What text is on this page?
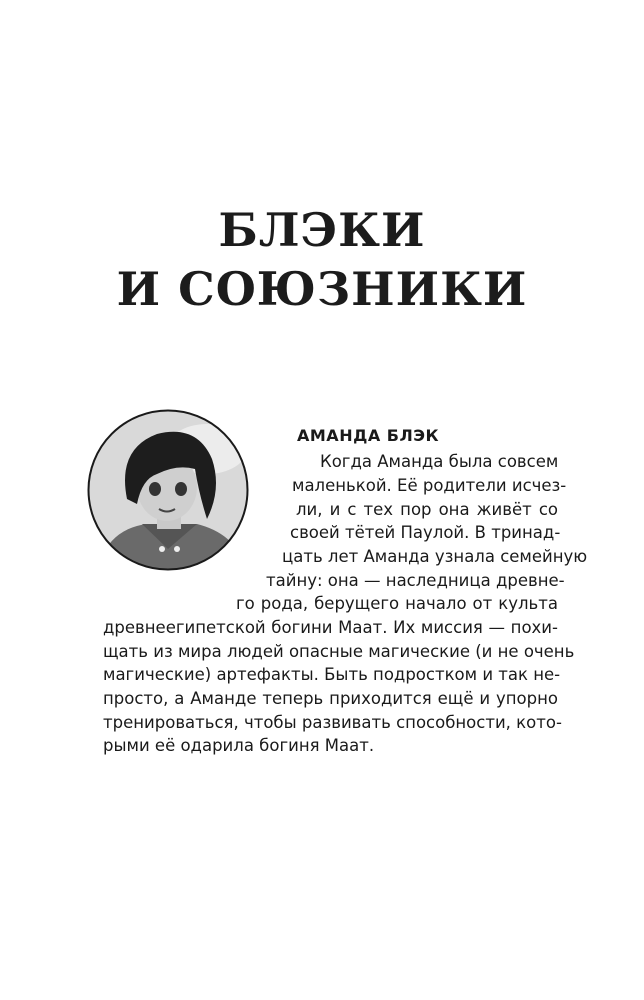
БЛЭКИ
И СОЮЗНИКИ
АМАНДА БЛЭК
Когда Аманда была совсем
маленькой. Её родители исчез-
ли, и с тех пор она живёт со
своей тётей Паулой. В тринад-
цать лет Аманда узнала семейную
тайну: она — наследница древне-
го рода, берущего начало от культа
древнеегипетской богини Маат. Их миссия — похи-
щать из мира людей опасные магические (и не очень
магические) артефакты. Быть подростком и так не-
просто, а Аманде теперь приходится ещё и упорно
тренироваться, чтобы развивать способности, кото-
рыми её одарила богиня Маат.
